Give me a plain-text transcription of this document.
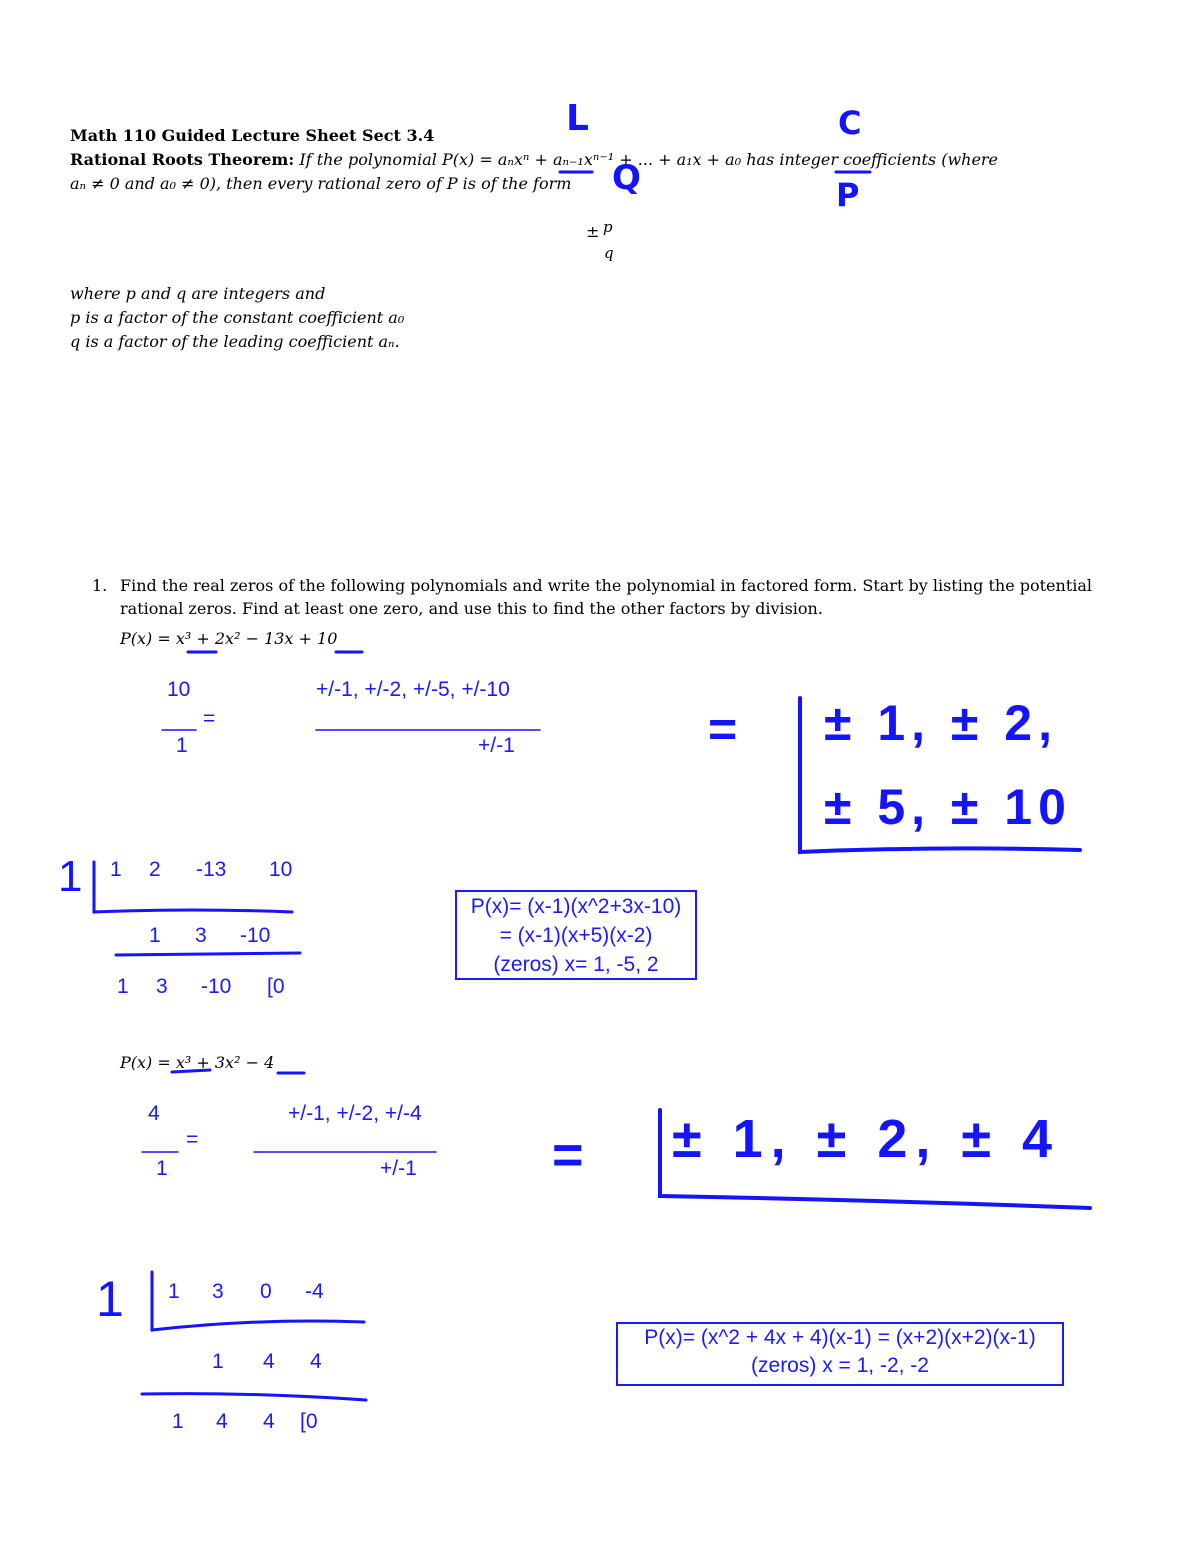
Math 110 Guided Lecture Sheet Sect 3.4
Rational Roots Theorem: If the polynomial P(x) = aₙxⁿ + aₙ₋₁xⁿ⁻¹ + ... + a₁x + a₀ has integer coefficients (where
aₙ ≠ 0 and a₀ ≠ 0), then every rational zero of P is of the form
± p
q
where p and q are integers and
p is a factor of the constant coefficient a₀
q is a factor of the leading coefficient aₙ.
L	C
Q	P
1. Find the real zeros of the following polynomials and write the polynomial in factored form. Start by listing the potential
rational zeros. Find at least one zero, and use this to find the other factors by division.
P(x) = x³ + 2x² − 13x + 10
10
=
1
+/-1, +/-2, +/-5, +/-10
+/-1	= ± 1, ± 2,
± 5, ± 10
1 1 2 -13 10
1 3 -10
1 3 -10 [0
P(x)= (x-1)(x^2+3x-10)
= (x-1)(x+5)(x-2)
(zeros) x= 1, -5, 2
P(x) = x³ + 3x² − 4
4
=
1
+/-1, +/-2, +/-4
+/-1	= ± 1, ± 2, ± 4
1 1 3 0 -4
1 4 4
1 4 4 [0
P(x)= (x^2 + 4x + 4)(x-1) = (x+2)(x+2)(x-1)
(zeros) x = 1, -2, -2
